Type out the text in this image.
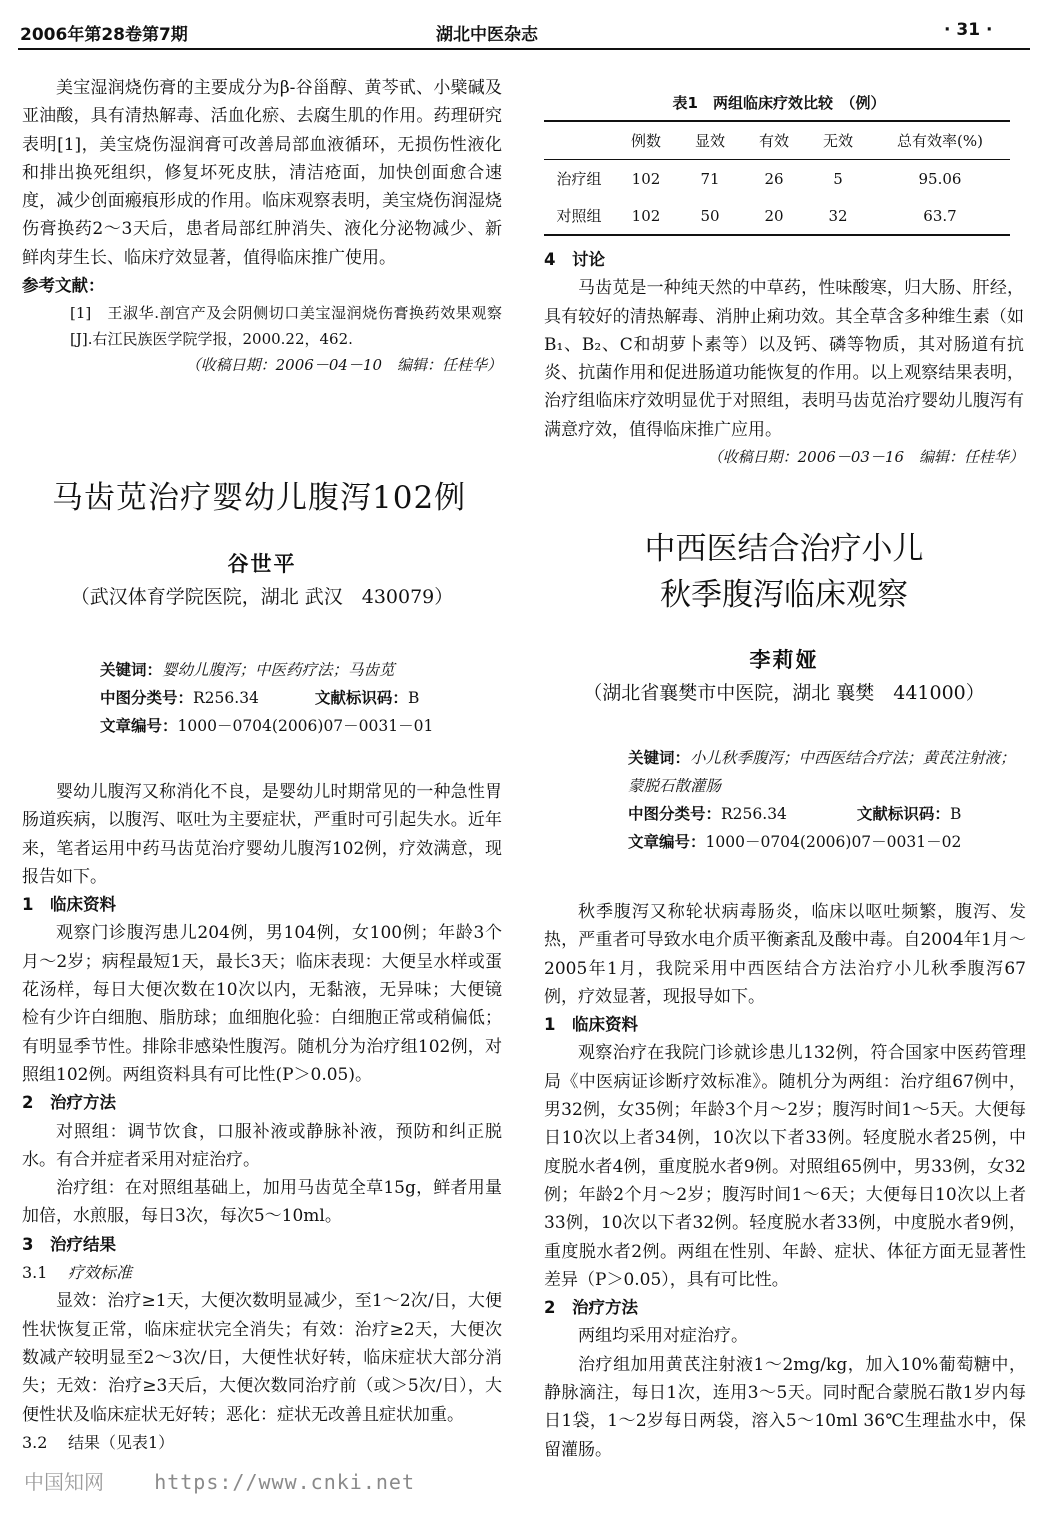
2006年第28卷第7期	湖北中医杂志	· 31 ·

美宝湿润烧伤膏的主要成分为β-谷甾醇、黄芩甙、小檗碱及亚油酸，具有清热解毒、活血化瘀、去腐生肌的作用。药理研究表明[1]，美宝烧伤湿润膏可改善局部血液循环，无损伤性液化和排出换死组织，修复坏死皮肤，清洁疮面，加快创面愈合速度，减少创面瘢痕形成的作用。临床观察表明，美宝烧伤润湿烧伤膏换药2～3天后，患者局部红肿消失、液化分泌物减少、新鲜肉芽生长、临床疗效显著，值得临床推广使用。

参考文献：

[1]　王淑华.剖宫产及会阴侧切口美宝湿润烧伤膏换药效果观察[J].右江民族医学院学报，2000.22，462.

（收稿日期：2006－04－10　编辑：任桂华）
马齿苋治疗婴幼儿腹泻102例
谷世平
（武汉体育学院医院，湖北 武汉　430079）
关键词：婴幼儿腹泻；中医药疗法；马齿苋
中图分类号：R256.34	文献标识码：B
文章编号：1000－0704(2006)07－0031－01

婴幼儿腹泻又称消化不良，是婴幼儿时期常见的一种急性胃肠道疾病，以腹泻、呕吐为主要症状，严重时可引起失水。近年来，笔者运用中药马齿苋治疗婴幼儿腹泻102例，疗效满意，现报告如下。

1 临床资料

观察门诊腹泻患儿204例，男104例，女100例；年龄3个月～2岁；病程最短1天，最长3天；临床表现：大便呈水样或蛋花汤样，每日大便次数在10次以内，无黏液，无异味；大便镜检有少许白细胞、脂肪球；血细胞化验：白细胞正常或稍偏低；有明显季节性。排除非感染性腹泻。随机分为治疗组102例，对照组102例。两组资料具有可比性(P＞0.05)。

2 治疗方法

对照组：调节饮食，口服补液或静脉补液，预防和纠正脱水。有合并症者采用对症治疗。

治疗组：在对照组基础上，加用马齿苋全草15g，鲜者用量加倍，水煎服，每日3次，每次5～10ml。

3 治疗结果
3.1 疗效标准

显效：治疗≥1天，大便次数明显减少，至1～2次/日，大便性状恢复正常，临床症状完全消失；有效：治疗≥2天，大便次数减产较明显至2～3次/日，大便性状好转，临床症状大部分消失；无效：治疗≥3天后，大便次数同治疗前（或＞5次/日），大便性状及临床症状无好转；恶化：症状无改善且症状加重。

3.2 结果（见表1）
表1　两组临床疗效比较　（例）
	例数	显效	有效	无效	总有效率(%)
治疗组	102	71	26	5	95.06
对照组	102	50	20	32	63.7
4 讨论

马齿苋是一种纯天然的中草药，性味酸寒，归大肠、肝经，具有较好的清热解毒、消肿止痢功效。其全草含多种维生素（如B₁、B₂、C和胡萝卜素等）以及钙、磷等物质，其对肠道有抗炎、抗菌作用和促进肠道功能恢复的作用。以上观察结果表明，治疗组临床疗效明显优于对照组，表明马齿苋治疗婴幼儿腹泻有满意疗效，值得临床推广应用。

（收稿日期：2006－03－16　编辑：任桂华）
中西医结合治疗小儿
秋季腹泻临床观察
李莉娅
（湖北省襄樊市中医院，湖北 襄樊　441000）
关键词：小儿秋季腹泻；中西医结合疗法；黄芪注射液；蒙脱石散灌肠
中图分类号：R256.34	文献标识码：B
文章编号：1000－0704(2006)07－0031－02

秋季腹泻又称轮状病毒肠炎，临床以呕吐频繁，腹泻、发热，严重者可导致水电介质平衡紊乱及酸中毒。自2004年1月～2005年1月，我院采用中西医结合方法治疗小儿秋季腹泻67例，疗效显著，现报导如下。

1 临床资料

观察治疗在我院门诊就诊患儿132例，符合国家中医药管理局《中医病证诊断疗效标准》。随机分为两组：治疗组67例中，男32例，女35例；年龄3个月～2岁；腹泻时间1～5天。大便每日10次以上者34例，10次以下者33例。轻度脱水者25例，中度脱水者4例，重度脱水者9例。对照组65例中，男33例，女32例；年龄2个月～2岁；腹泻时间1～6天；大便每日10次以上者33例，10次以下者32例。轻度脱水者33例，中度脱水者9例，重度脱水者2例。两组在性别、年龄、症状、体征方面无显著性差异（P＞0.05），具有可比性。

2 治疗方法

两组均采用对症治疗。

治疗组加用黄芪注射液1～2mg/kg，加入10%葡萄糖中，静脉滴注，每日1次，连用3～5天。同时配合蒙脱石散1岁内每日1袋，1～2岁每日两袋，溶入5～10ml 36℃生理盐水中，保留灌肠。

中国知网	https://www.cnki.net
